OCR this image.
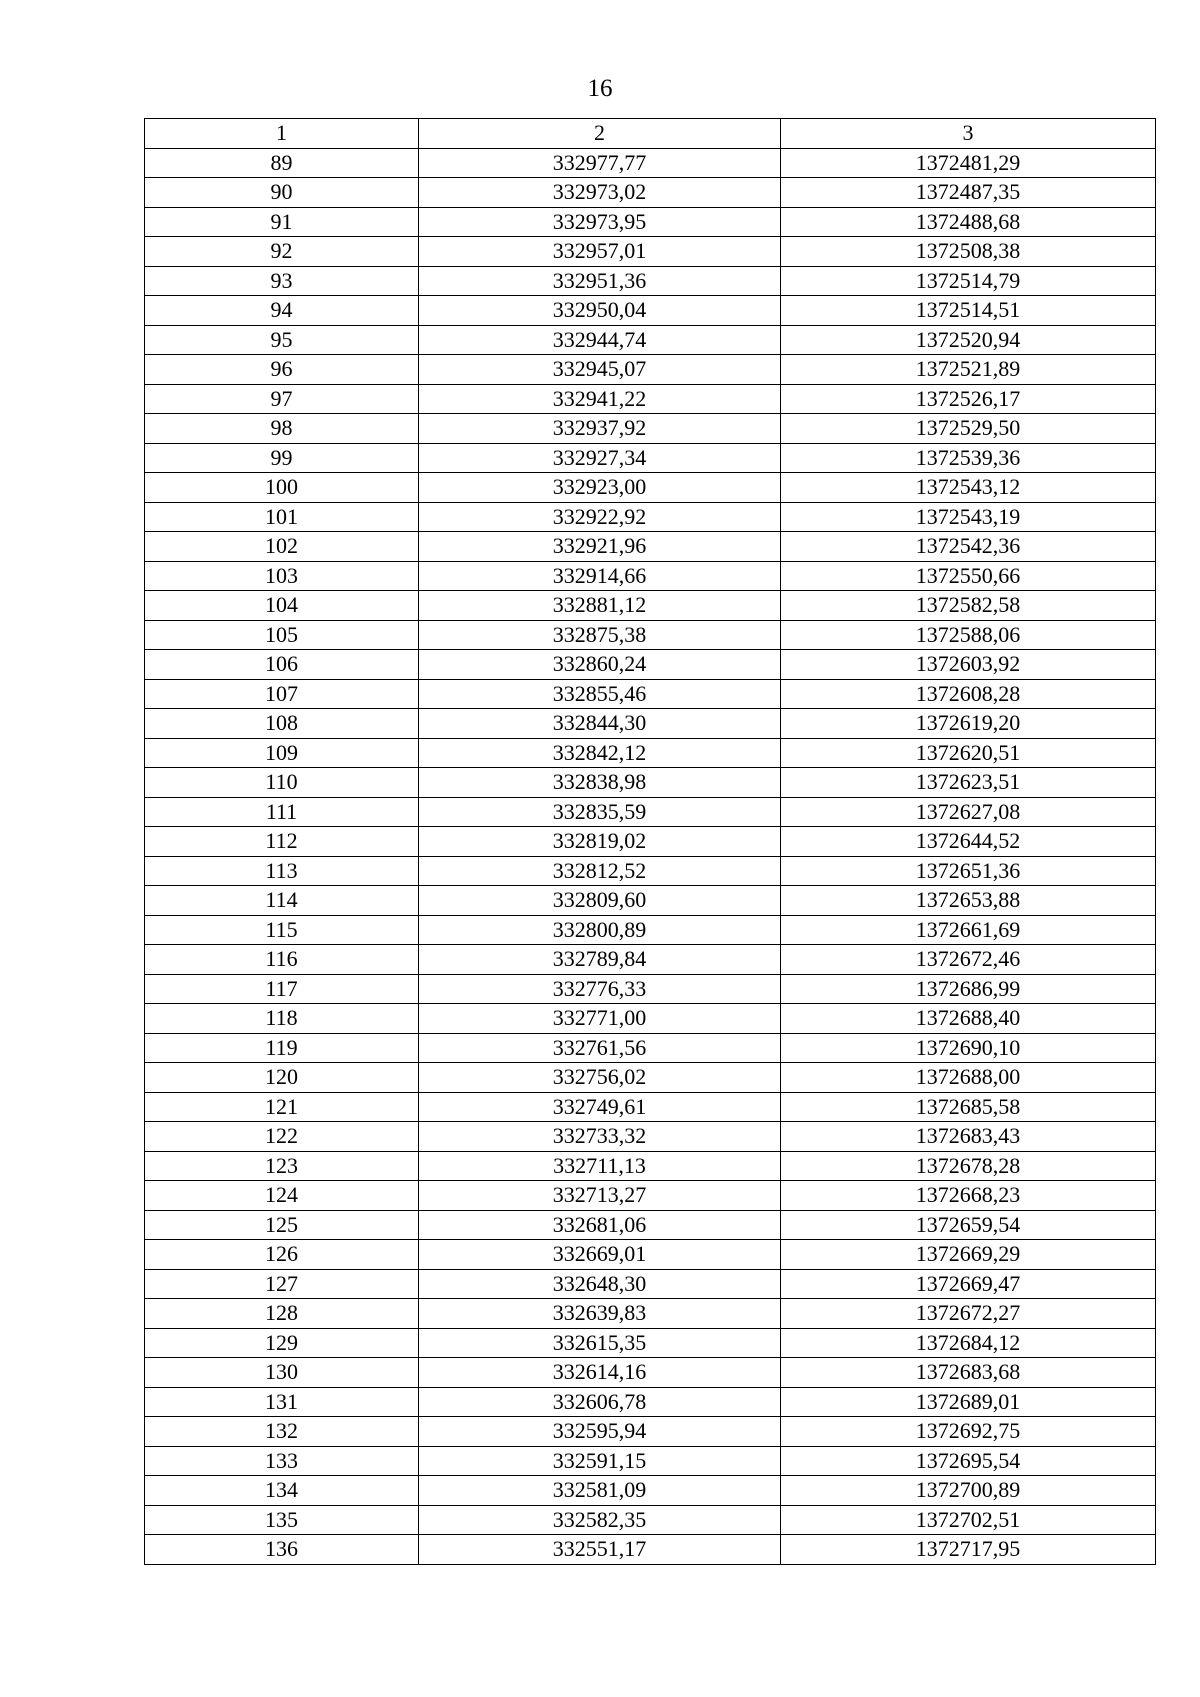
16
1	2	3
89	332977,77	1372481,29
90	332973,02	1372487,35
91	332973,95	1372488,68
92	332957,01	1372508,38
93	332951,36	1372514,79
94	332950,04	1372514,51
95	332944,74	1372520,94
96	332945,07	1372521,89
97	332941,22	1372526,17
98	332937,92	1372529,50
99	332927,34	1372539,36
100	332923,00	1372543,12
101	332922,92	1372543,19
102	332921,96	1372542,36
103	332914,66	1372550,66
104	332881,12	1372582,58
105	332875,38	1372588,06
106	332860,24	1372603,92
107	332855,46	1372608,28
108	332844,30	1372619,20
109	332842,12	1372620,51
110	332838,98	1372623,51
111	332835,59	1372627,08
112	332819,02	1372644,52
113	332812,52	1372651,36
114	332809,60	1372653,88
115	332800,89	1372661,69
116	332789,84	1372672,46
117	332776,33	1372686,99
118	332771,00	1372688,40
119	332761,56	1372690,10
120	332756,02	1372688,00
121	332749,61	1372685,58
122	332733,32	1372683,43
123	332711,13	1372678,28
124	332713,27	1372668,23
125	332681,06	1372659,54
126	332669,01	1372669,29
127	332648,30	1372669,47
128	332639,83	1372672,27
129	332615,35	1372684,12
130	332614,16	1372683,68
131	332606,78	1372689,01
132	332595,94	1372692,75
133	332591,15	1372695,54
134	332581,09	1372700,89
135	332582,35	1372702,51
136	332551,17	1372717,95
